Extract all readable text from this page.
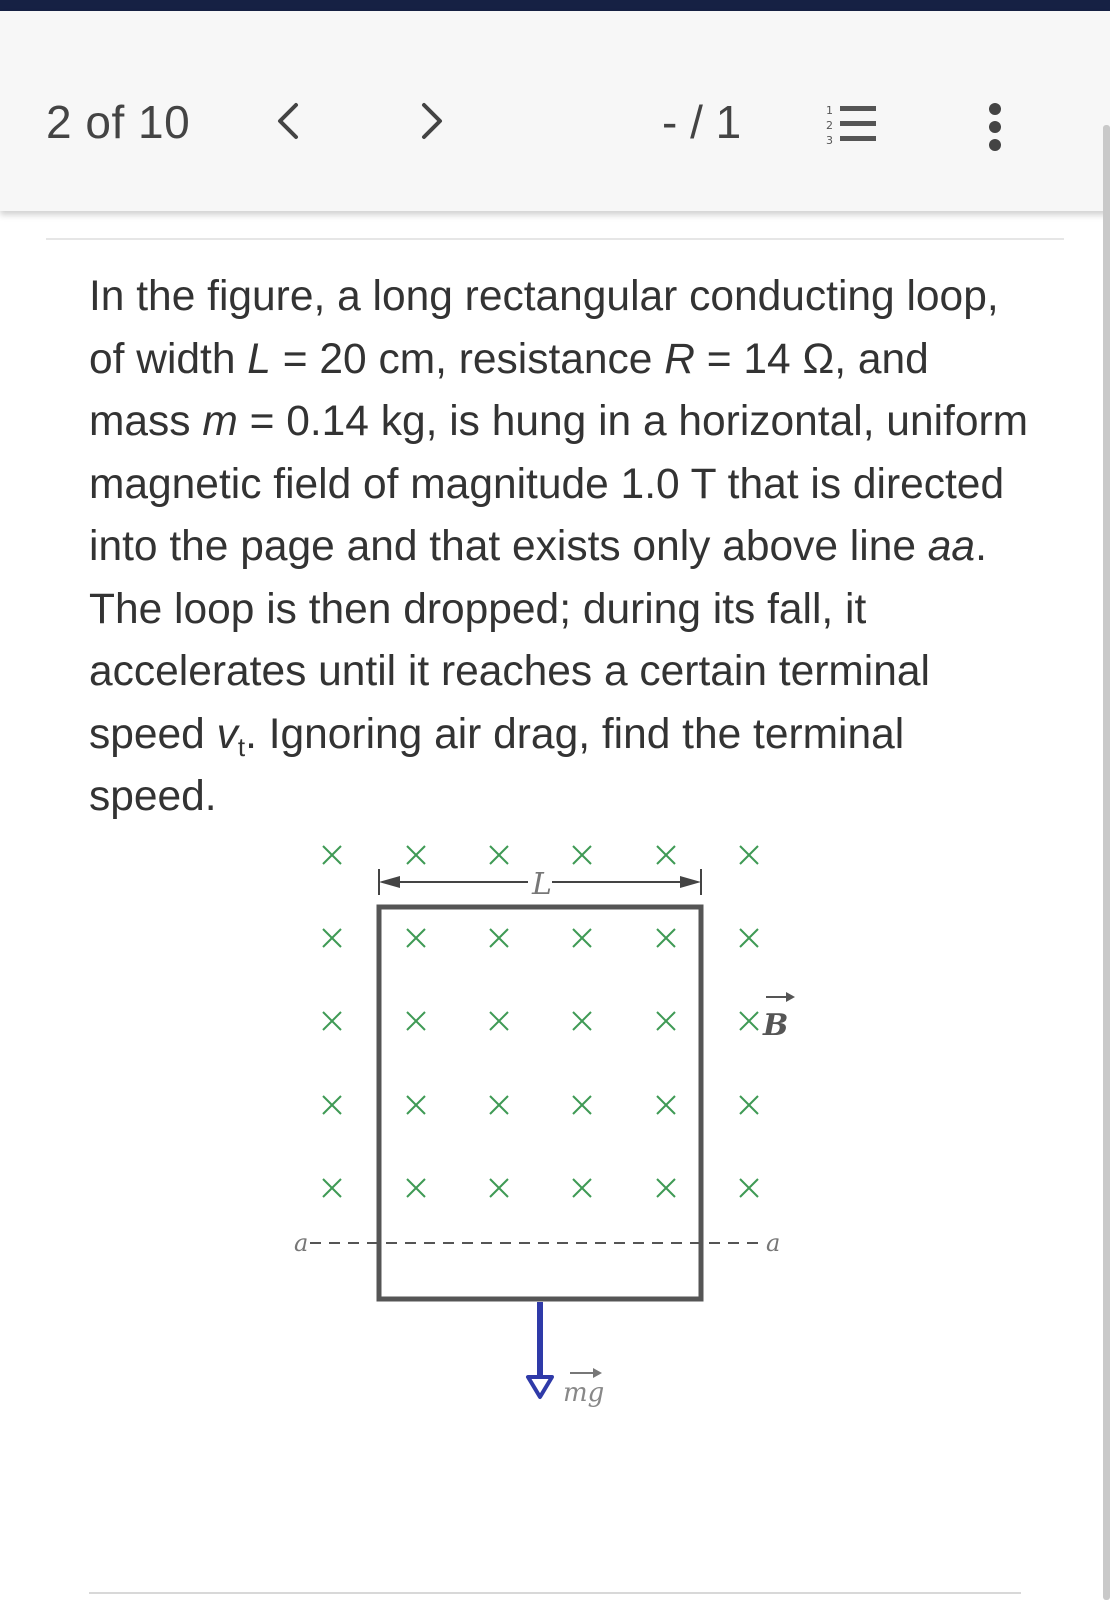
2 of 10	- / 1	1
2
3
In the figure, a long rectangular conducting loop, of width L = 20 cm, resistance R = 14 Ω, and mass m = 0.14 kg, is hung in a horizontal, uniform magnetic field of magnitude 1.0 T that is directed into the page and that exists only above line aa. The loop is then dropped; during its fall, it accelerates until it reaches a certain terminal speed $v_t$. Ignoring air drag, find the terminal speed.
a	a
L
B
mg
